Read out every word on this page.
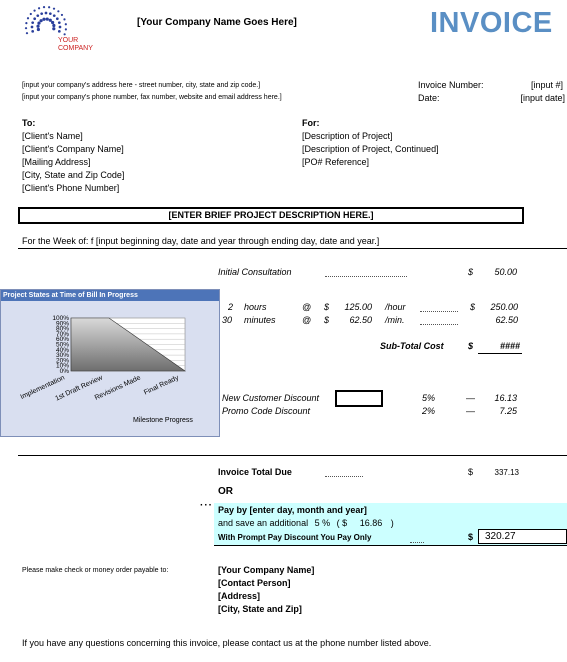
YOUR
COMPANY
[Your Company Name Goes Here]	INVOICE
[input your company's address here - street number, city, state and zip code.]
[input your company's phone number, fax number, website and email address here.]
Invoice Number:	[input #]
Date:	[input date]
To:
[Client's Name]
[Client's Company Name]
[Mailing Address]
[City, State and Zip Code]
[Client's Phone Number]
For:
[Description of Project]
[Description of Project, Continued]
[PO# Reference]
[ENTER BRIEF PROJECT DESCRIPTION HERE.]
For the Week of: f [input beginning day, date and year through ending day, date and year.]
Initial Consultation	$ 50.00
2 hours	@ $	125.00 /hour	$	250.00
30 minutes	@ $	62.50 /min.	62.50
Sub-Total Cost	$	####
New Customer Discount	5%	— 16.13
Promo Code Discount	2%	—	7.25
Project States at Time of Bill In Progress
100%
90%
80%
70%
60%
50%
40%
30%
20%
10%
0%
Implementation
1st Draft Review
Revisions Made Final Ready
Milestone Progress
Invoice Total Due	$	337.13
OR
··· Pay by [enter day, month and year]
and save an additional 5 % ( $ 16.86 )
With Prompt Pay Discount You Pay Only	$	320.27
Please make check or money order payable to:	[Your Company Name]
[Contact Person]
[Address]
[City, State and Zip]
If you have any questions concerning this invoice, please contact us at the phone number listed above.
